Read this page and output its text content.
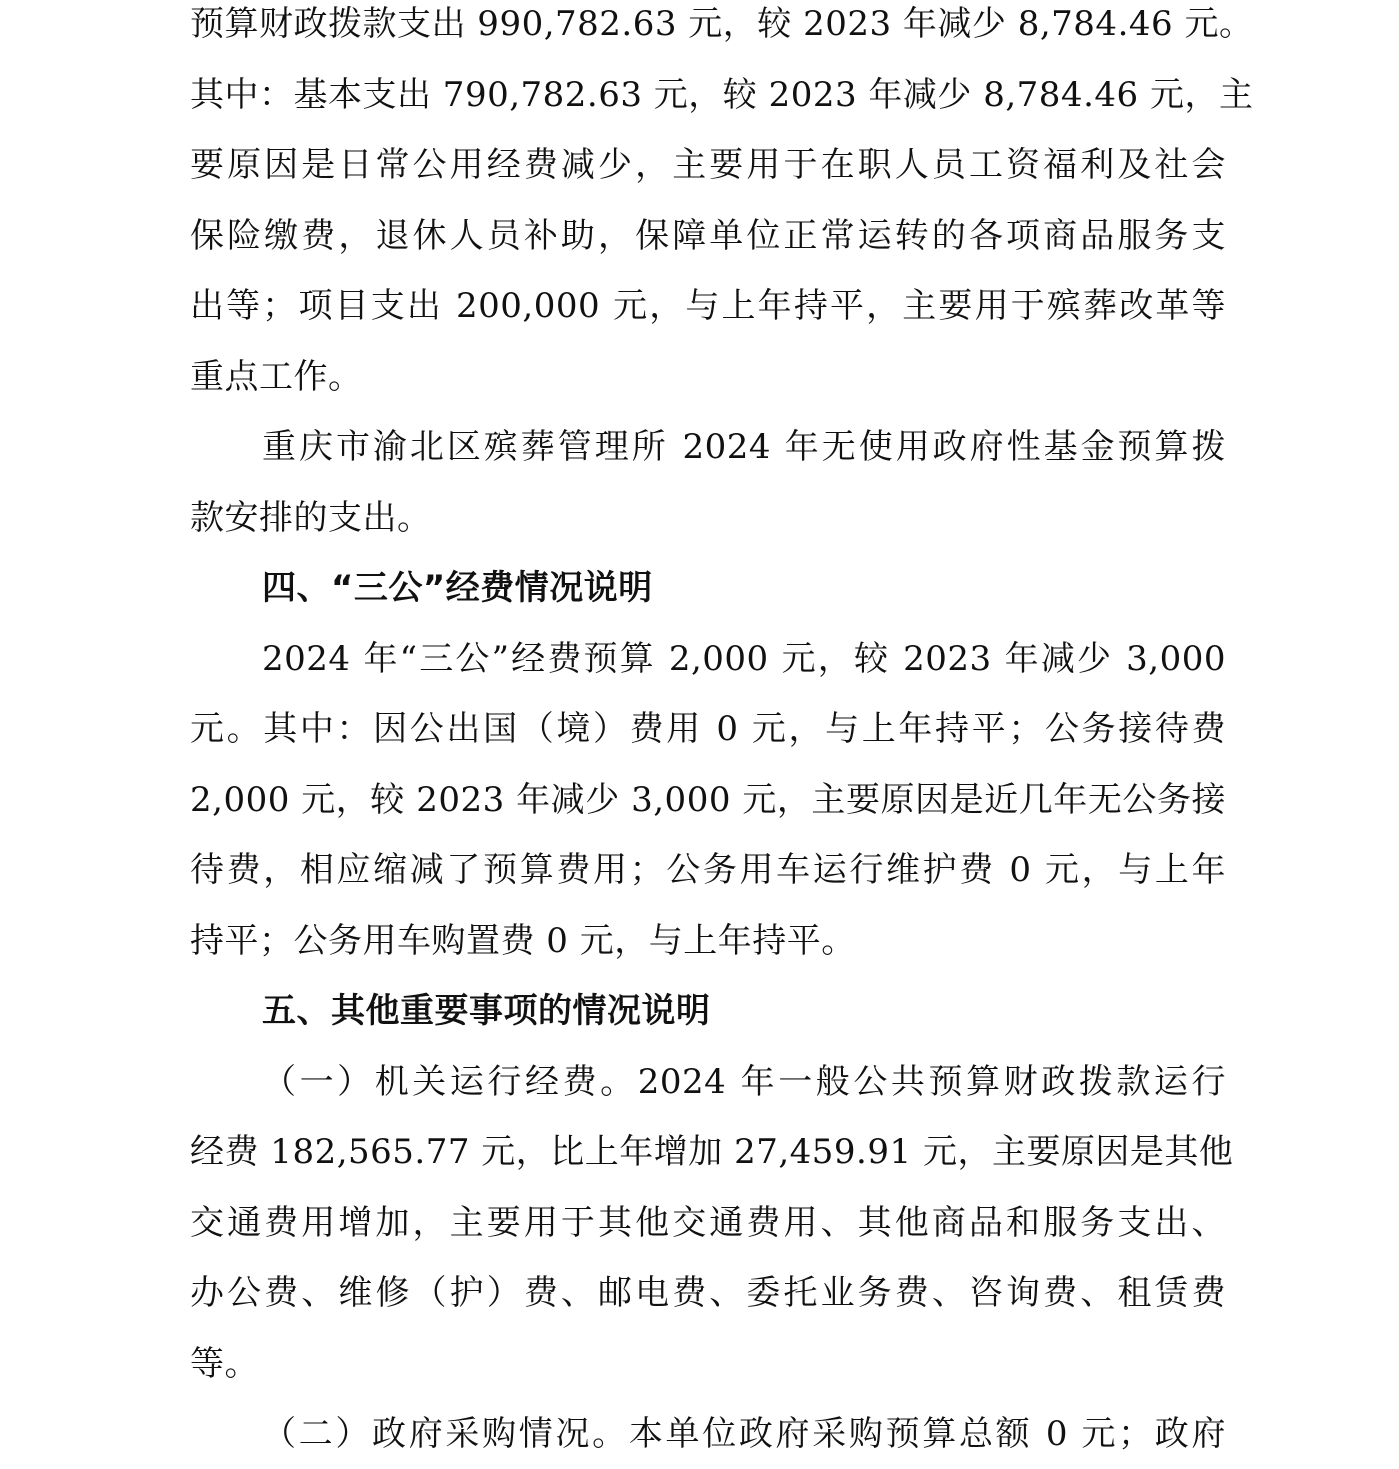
预算财政拨款支出 990,782.63 元，较 2023 年减少 8,784.46 元。
其中：基本支出 790,782.63 元，较 2023 年减少 8,784.46 元，主
要原因是日常公用经费减少，主要用于在职人员工资福利及社会
保险缴费，退休人员补助，保障单位正常运转的各项商品服务支
出等；项目支出 200,000 元，与上年持平，主要用于殡葬改革等
重点工作。
重庆市渝北区殡葬管理所 2024 年无使用政府性基金预算拨
款安排的支出。
四、“三公”经费情况说明
2024 年“三公”经费预算 2,000 元，较 2023 年减少 3,000
元。其中：因公出国（境）费用 0 元，与上年持平；公务接待费
2,000 元，较 2023 年减少 3,000 元，主要原因是近几年无公务接
待费，相应缩减了预算费用；公务用车运行维护费 0 元，与上年
持平；公务用车购置费 0 元，与上年持平。
五、其他重要事项的情况说明
（一）机关运行经费。2024 年一般公共预算财政拨款运行
经费 182,565.77 元，比上年增加 27,459.91 元，主要原因是其他
交通费用增加，主要用于其他交通费用、其他商品和服务支出、
办公费、维修（护）费、邮电费、委托业务费、咨询费、租赁费
等。
（二）政府采购情况。本单位政府采购预算总额 0 元；政府
